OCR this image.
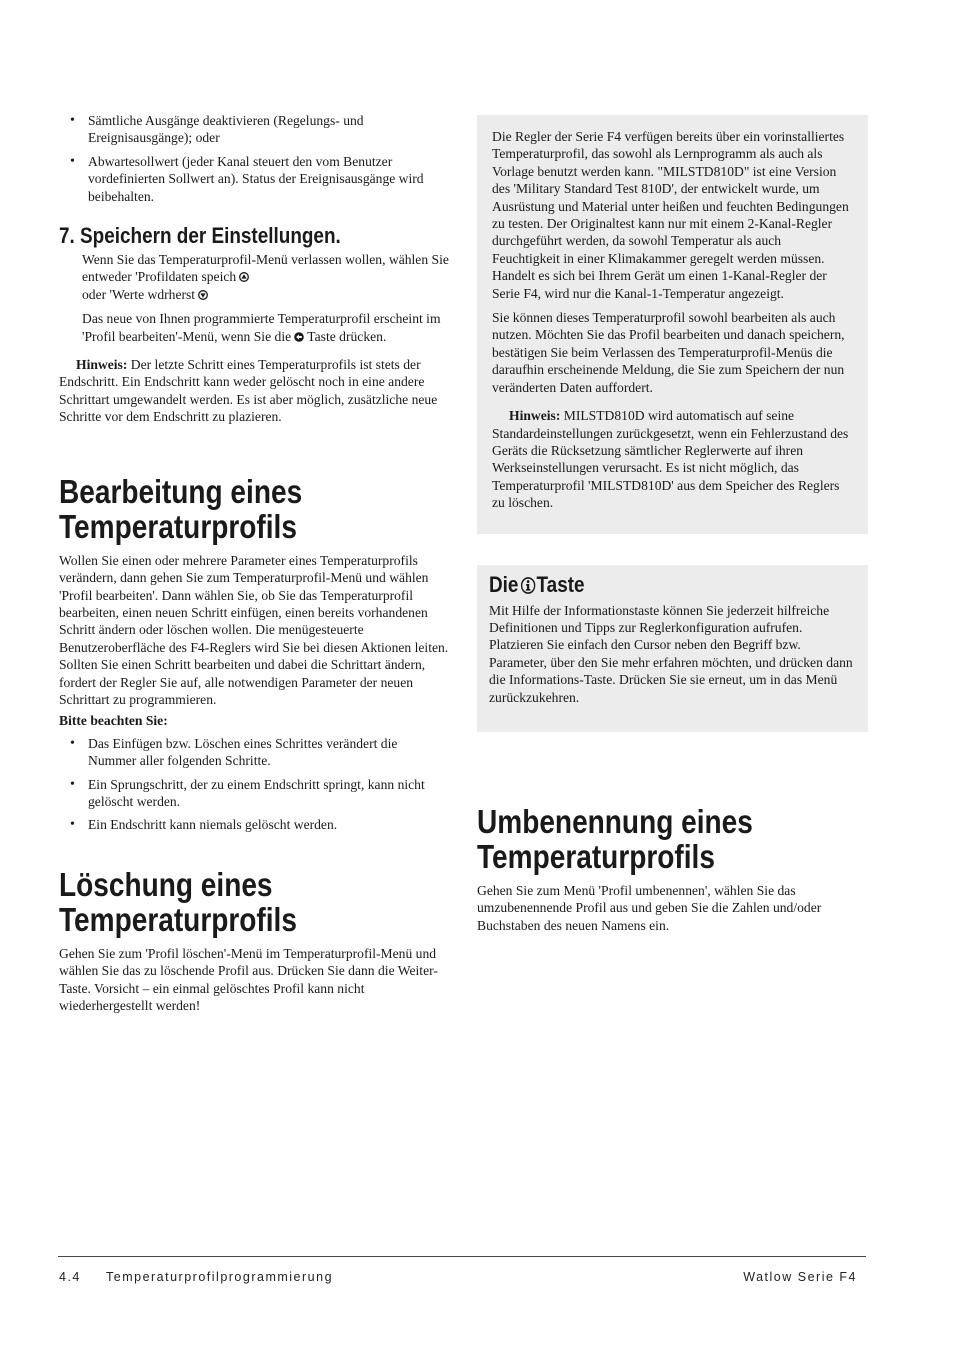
• Sämtliche Ausgänge deaktivieren (Regelungs- und Ereignisausgänge); oder
• Abwartesollwert (jeder Kanal steuert den vom Benutzer vordefinierten Sollwert an). Status der Ereignisausgänge wird beibehalten.
7. Speichern der Einstellungen.

Wenn Sie das Temperaturprofil-Menü verlassen wollen, wählen Sie entweder 'Profildaten speich
oder 'Werte wdrherst

Das neue von Ihnen programmierte Temperaturprofil erscheint im 'Profil bearbeiten'-Menü, wenn Sie die Taste drücken.

Hinweis: Der letzte Schritt eines Temperaturprofils ist stets der Endschritt. Ein Endschritt kann weder gelöscht noch in eine andere Schrittart umgewandelt werden. Es ist aber möglich, zusätzliche neue Schritte vor dem Endschritt zu plazieren.

Bearbeitung eines
Temperaturprofils

Wollen Sie einen oder mehrere Parameter eines Temperaturprofils verändern, dann gehen Sie zum Temperaturprofil-Menü und wählen 'Profil bearbeiten'. Dann wählen Sie, ob Sie das Temperaturprofil bearbeiten, einen neuen Schritt einfügen, einen bereits vorhandenen Schritt ändern oder löschen wollen. Die menügesteuerte Benutzeroberfläche des F4-Reglers wird Sie bei diesen Aktionen leiten. Sollten Sie einen Schritt bearbeiten und dabei die Schrittart ändern, fordert der Regler Sie auf, alle notwendigen Parameter der neuen Schrittart zu programmieren.

Bitte beachten Sie:

• Das Einfügen bzw. Löschen eines Schrittes verändert die Nummer aller folgenden Schritte.
• Ein Sprungschritt, der zu einem Endschritt springt, kann nicht gelöscht werden.
• Ein Endschritt kann niemals gelöscht werden.
Löschung eines
Temperaturprofils

Gehen Sie zum 'Profil löschen'-Menü im Temperaturprofil-Menü und wählen Sie das zu löschende Profil aus. Drücken Sie dann die Weiter-Taste. Vorsicht – ein einmal gelöschtes Profil kann nicht wiederhergestellt werden!

Die Regler der Serie F4 verfügen bereits über ein vorinstalliertes Temperaturprofil, das sowohl als Lernprogramm als auch als Vorlage benutzt werden kann. "MILSTD810D" ist eine Version des 'Military Standard Test 810D', der entwickelt wurde, um Ausrüstung und Material unter heißen und feuchten Bedingungen zu testen. Der Originaltest kann nur mit einem 2-Kanal-Regler durchgeführt werden, da sowohl Temperatur als auch Feuchtigkeit in einer Klimakammer geregelt werden müssen. Handelt es sich bei Ihrem Gerät um einen 1-Kanal-Regler der Serie F4, wird nur die Kanal-1-Temperatur angezeigt.

Sie können dieses Temperaturprofil sowohl bearbeiten als auch nutzen. Möchten Sie das Profil bearbeiten und danach speichern, bestätigen Sie beim Verlassen des Temperaturprofil-Menüs die daraufhin erscheinende Meldung, die Sie zum Speichern der nun veränderten Daten auffordert.

Hinweis: MILSTD810D wird automatisch auf seine Standardeinstellungen zurückgesetzt, wenn ein Fehlerzustand des Geräts die Rücksetzung sämtlicher Reglerwerte auf ihren Werkseinstellungen verursacht. Es ist nicht möglich, das Temperaturprofil 'MILSTD810D' aus dem Speicher des Reglers zu löschen.

Die Taste

Mit Hilfe der Informationstaste können Sie jederzeit hilfreiche Definitionen und Tipps zur Reglerkonfiguration aufrufen. Platzieren Sie einfach den Cursor neben den Begriff bzw. Parameter, über den Sie mehr erfahren möchten, und drücken dann die Informations-Taste. Drücken Sie sie erneut, um in das Menü zurückzukehren.

Umbenennung eines
Temperaturprofils

Gehen Sie zum Menü 'Profil umbenennen', wählen Sie das umzubenennende Profil aus und geben Sie die Zahlen und/oder Buchstaben des neuen Namens ein.

4.4 Temperaturprofilprogrammierung	Watlow Serie F4
